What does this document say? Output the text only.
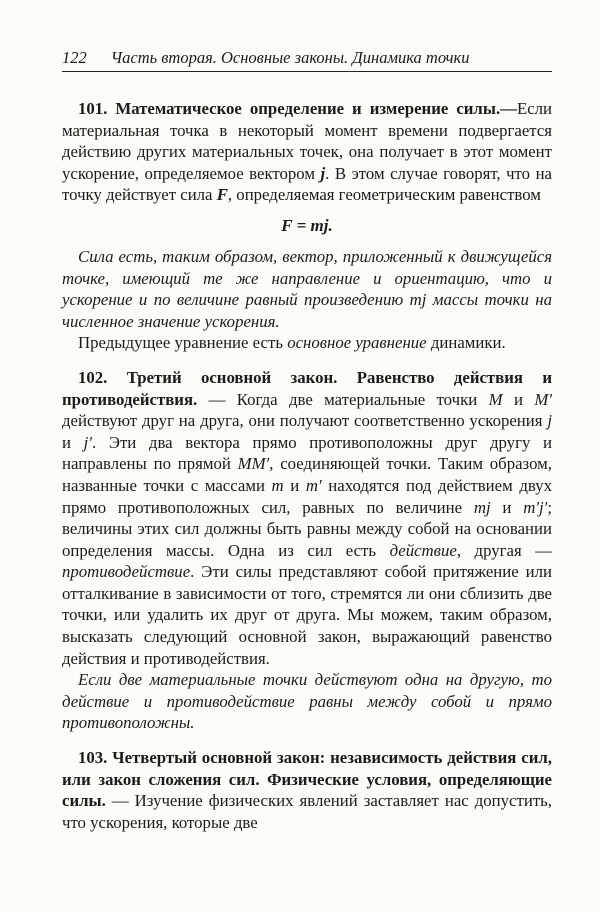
122 Часть вторая. Основные законы. Динамика точки

101. Математическое определение и измерение силы.—Если материальная точка в некоторый момент времени подвергается действию других материальных точек, она получает в этот момент ускорение, определяемое вектором j. В этом случае говорят, что на точку действует сила F, определяемая геометрическим равенством

F = mj.

Сила есть, таким образом, вектор, приложенный к движущейся точке, имеющий те же направление и ориентацию, что и ускорение и по величине равный произведению mj массы точки на численное значение ускорения.

Предыдущее уравнение есть основное уравнение динамики.

102. Третий основной закон. Равенство действия и противодействия. — Когда две материальные точки M и M′ действуют друг на друга, они получают соответственно ускорения j и j′. Эти два вектора прямо противоположны друг другу и направлены по прямой MM′, соединяющей точки. Таким образом, названные точки с массами m и m′ находятся под действием двух прямо противоположных сил, равных по величине mj и m′j′; величины этих сил должны быть равны между собой на основании определения массы. Одна из сил есть действие, другая — противодействие. Эти силы представляют собой притяжение или отталкивание в зависимости от того, стремятся ли они сблизить две точки, или удалить их друг от друга. Мы можем, таким образом, высказать следующий основной закон, выражающий равенство действия и противодействия.

Если две материальные точки действуют одна на другую, то действие и противодействие равны между собой и прямо противоположны.

103. Четвертый основной закон: независимость действия сил, или закон сложения сил. Физические условия, определяющие силы. — Изучение физических явлений заставляет нас допустить, что ускорения, которые две
